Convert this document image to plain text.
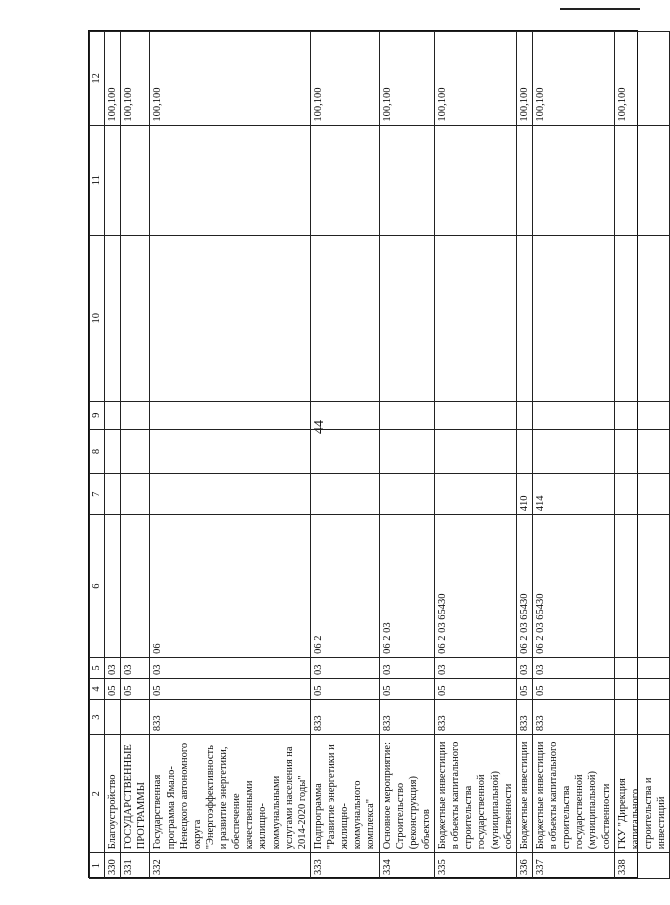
44
1	2	3	4	5	6	7	8	9	10	11	12
330	Благоустройство		05	03							100,100
331	ГОСУДАРСТВЕННЫЕ ПРОГРАММЫ		05	03							100,100
332	Государственная программа Ямало-Ненецкого автономного округа "Энергоэффективность и развитие энергетики, обеспечение качественными жилищно-коммунальными услугами населения на 2014-2020 годы"	833	05	03	06						100,100
333	Подпрограмма "Развитие энергетики и жилищно-коммунального комплекса"	833	05	03	06 2						100,100
334	Основное мероприятие: Строительство (реконструкция) объектов	833	05	03	06 2 03						100,100
335	Бюджетные инвестиции в объекты капитального строительства государственной (муниципальной) собственности	833	05	03	06 2 03 65430						100,100
336	Бюджетные инвестиции	833	05	03	06 2 03 65430	410					100,100
337	Бюджетные инвестиции в объекты капитального строительства государственной (муниципальной) собственности	833	05	03	06 2 03 65430	414					100,100
338	ГКУ "Дирекция капитального строительства и инвестиций										100,100
